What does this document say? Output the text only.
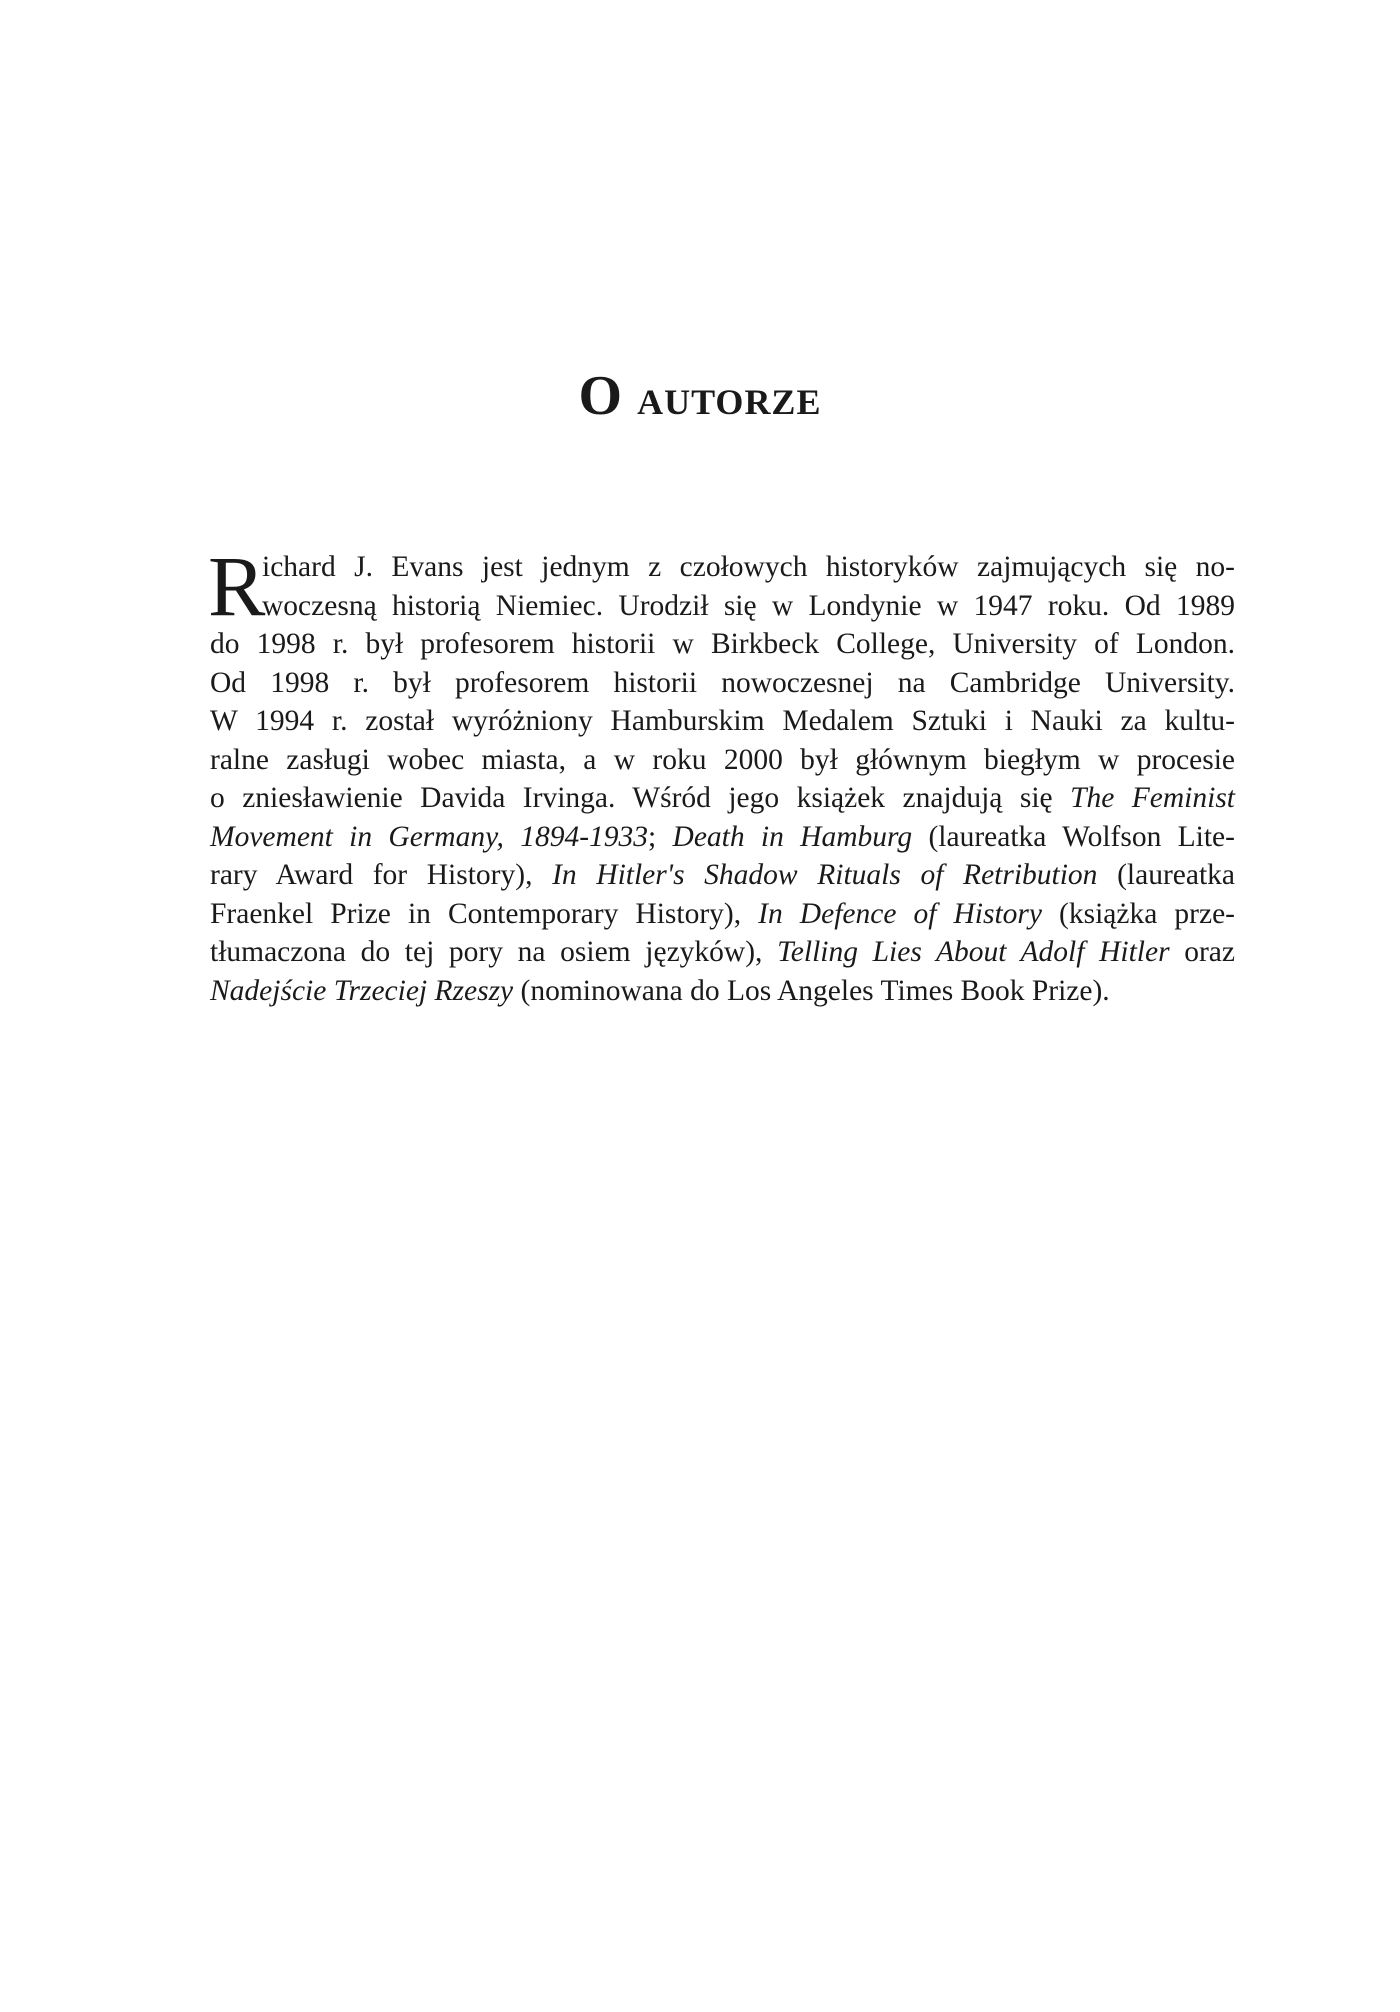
O autorze
R
ichard J. Evans jest jednym z czołowych historyków zajmujących się no-
woczesną historią Niemiec. Urodził się w Londynie w 1947 roku. Od 1989
do 1998 r. był profesorem historii w Birkbeck College, University of London.
Od 1998 r. był profesorem historii nowoczesnej na Cambridge University.
W 1994 r. został wyróżniony Hamburskim Medalem Sztuki i Nauki za kultu-
ralne zasługi wobec miasta, a w roku 2000 był głównym biegłym w procesie
o zniesławienie Davida Irvinga. Wśród jego książek znajdują się The Feminist
Movement in Germany, 1894-1933; Death in Hamburg (laureatka Wolfson Lite-
rary Award for History), In Hitler's Shadow Rituals of Retribution (laureatka
Fraenkel Prize in Contemporary History), In Defence of History (książka prze-
tłumaczona do tej pory na osiem języków), Telling Lies About Adolf Hitler oraz
Nadejście Trzeciej Rzeszy (nominowana do Los Angeles Times Book Prize).
